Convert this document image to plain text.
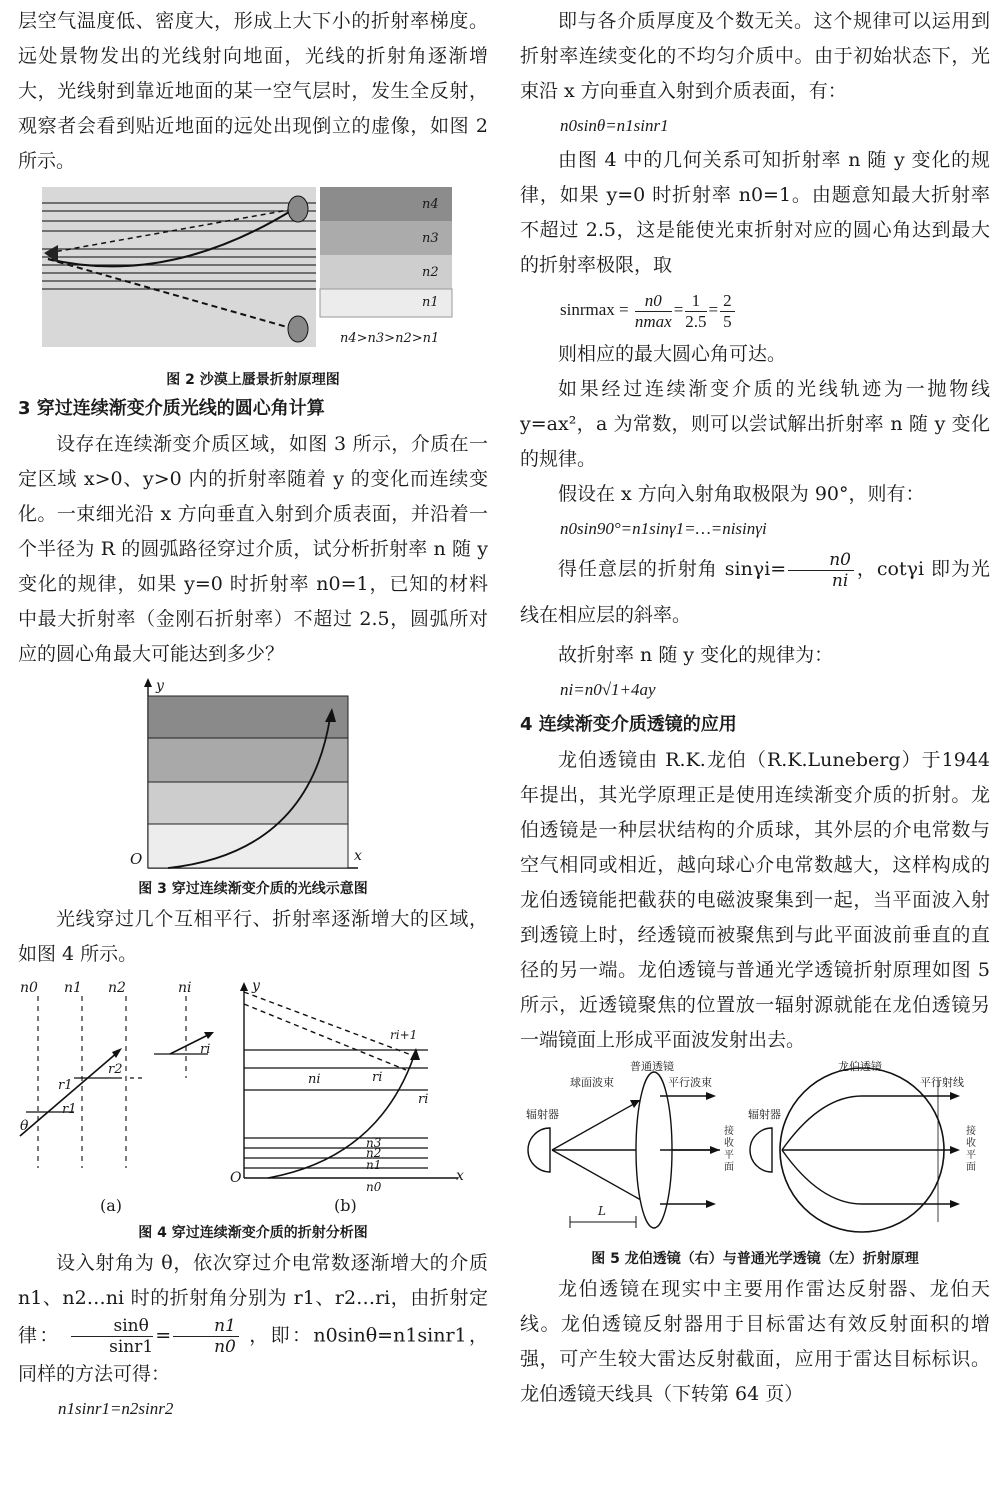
层空气温度低、密度大，形成上大下小的折射率梯度。远处景物发出的光线射向地面，光线的折射角逐渐增大，光线射到靠近地面的某一空气层时，发生全反射，观察者会看到贴近地面的远处出现倒立的虚像，如图 2 所示。

n4
n3
n2
n1
n4>n3>n2>n1

图 2 沙漠上蜃景折射原理图

3 穿过连续渐变介质光线的圆心角计算

设存在连续渐变介质区域，如图 3 所示，介质在一定区域 x>0、y>0 内的折射率随着 y 的变化而连续变化。一束细光沿 x 方向垂直入射到介质表面，并沿着一个半径为 R 的圆弧路径穿过介质，试分析折射率 n 随 y 变化的规律，如果 y=0 时折射率 n0=1，已知的材料中最大折射率（金刚石折射率）不超过 2.5，圆弧所对应的圆心角最大可能达到多少？

y
x
O

图 3 穿过连续渐变介质的光线示意图

光线穿过几个互相平行、折射率逐渐增大的区域，如图 4 所示。

n0 n1 n2	ni
θ
r1
r1
r2
ri
y
ri+1
ni	ri
ri
n3
n2
n1
n0
O	x
(a)	(b)

图 4 穿过连续渐变介质的折射分析图

设入射角为 θ，依次穿过介电常数逐渐增大的介质 n1、n2…ni 时的折射角分别为 r1、r2…ri，由折射定律： $\frac{\sin\theta}{\sin r1} = \frac{n1}{n0}$ ，即：n0sinθ=n1sinr1，同样的方法可得：

n1sinr1=n2sinr2

即与各介质厚度及个数无关。这个规律可以运用到折射率连续变化的不均匀介质中。由于初始状态下，光束沿 x 方向垂直入射到介质表面，有：

n0sinθ=n1sinr1

由图 4 中的几何关系可知折射率 n 随 y 变化的规律，如果 y=0 时折射率 n0=1。由题意知最大折射率不超过 2.5，这是能使光束折射对应的圆心角达到最大的折射率极限，取

sinrmax = $\frac{n0}{nmax} = \frac{1}{2.5} = \frac{2}{5}$

则相应的最大圆心角可达。

如果经过连续渐变介质的光线轨迹为一抛物线 y=ax²，a 为常数，则可以尝试解出折射率 n 随 y 变化的规律。

假设在 x 方向入射角取极限为 90°，则有：

n0sin90°=n1sinγ1=…=nisinγi

得任意层的折射角 $\sin\gamma i= \frac{n0}{ni}$ ，cotγi 即为光线在相应层的斜率。

故折射率 n 随 y 变化的规律为：

ni=n0√1+4ay

4 连续渐变介质透镜的应用

龙伯透镜由 R.K.龙伯（R.K.Luneberg）于1944 年提出，其光学原理正是使用连续渐变介质的折射。龙伯透镜是一种层状结构的介质球，其外层的介电常数与空气相同或相近，越向球心介电常数越大，这样构成的龙伯透镜能把截获的电磁波聚集到一起，当平面波入射到透镜上时，经透镜而被聚焦到与此平面波前垂直的直径的另一端。龙伯透镜与普通光学透镜折射原理如图 5 所示，近透镜聚焦的位置放一辐射源就能在龙伯透镜另一端镜面上形成平面波发射出去。

普通透镜
球面波束	平行波束
辐射器
L
接收平面
龙伯透镜
平行射线
辐射器
接收平面

图 5 龙伯透镜（右）与普通光学透镜（左）折射原理

龙伯透镜在现实中主要用作雷达反射器、龙伯天线。龙伯透镜反射器用于目标雷达有效反射面积的增强，可产生较大雷达反射截面，应用于雷达目标标识。龙伯透镜天线具（下转第 64 页）
